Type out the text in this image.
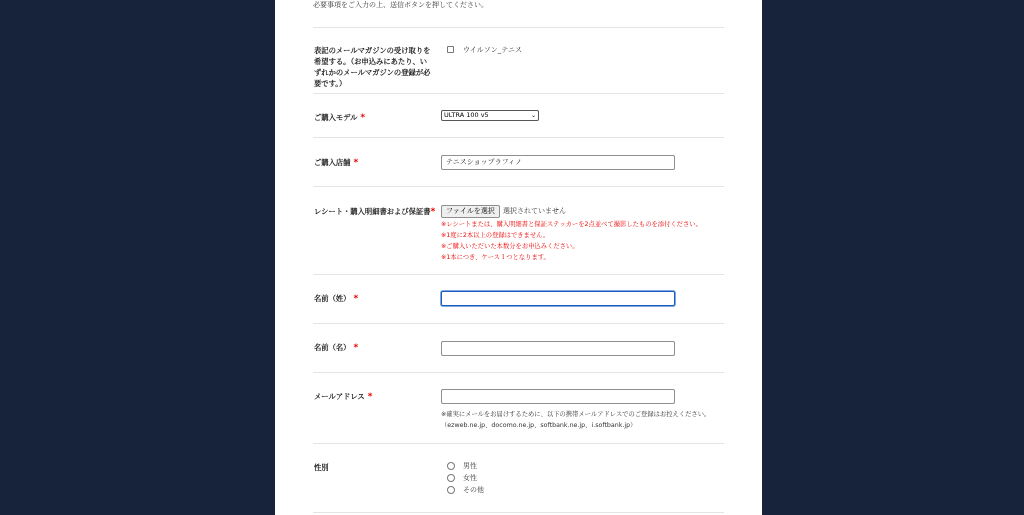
必要事項をご入力の上、送信ボタンを押してください。
表記のメールマガジンの受け取りを希望する。（お申込みにあたり、いずれかのメールマガジンの登録が必要です。）
ウイルソン_テニス
ご購入モデル *	ULTRA 100 v5	⌄
ご購入店舗 *	テニスショップラフィノ
レシート・購入明細書および保証書*	ファイルを選択	選択されていません
※レシートまたは、購入明細書と保証ステッカーを2点並べて撮影したものを添付ください。
※1度に2本以上の登録はできません。
※ご購入いただいた本数分をお申込みください。
※1本につき、ケース１つとなります。
名前（姓） *
名前（名） *
メールアドレス *
※確実にメールをお届けするために、以下の携帯メールアドレスでのご登録はお控えください。
（ezweb.ne.jp、docomo.ne.jp、softbank.ne.jp、i.softbank.jp）
性別	男性
女性
その他
